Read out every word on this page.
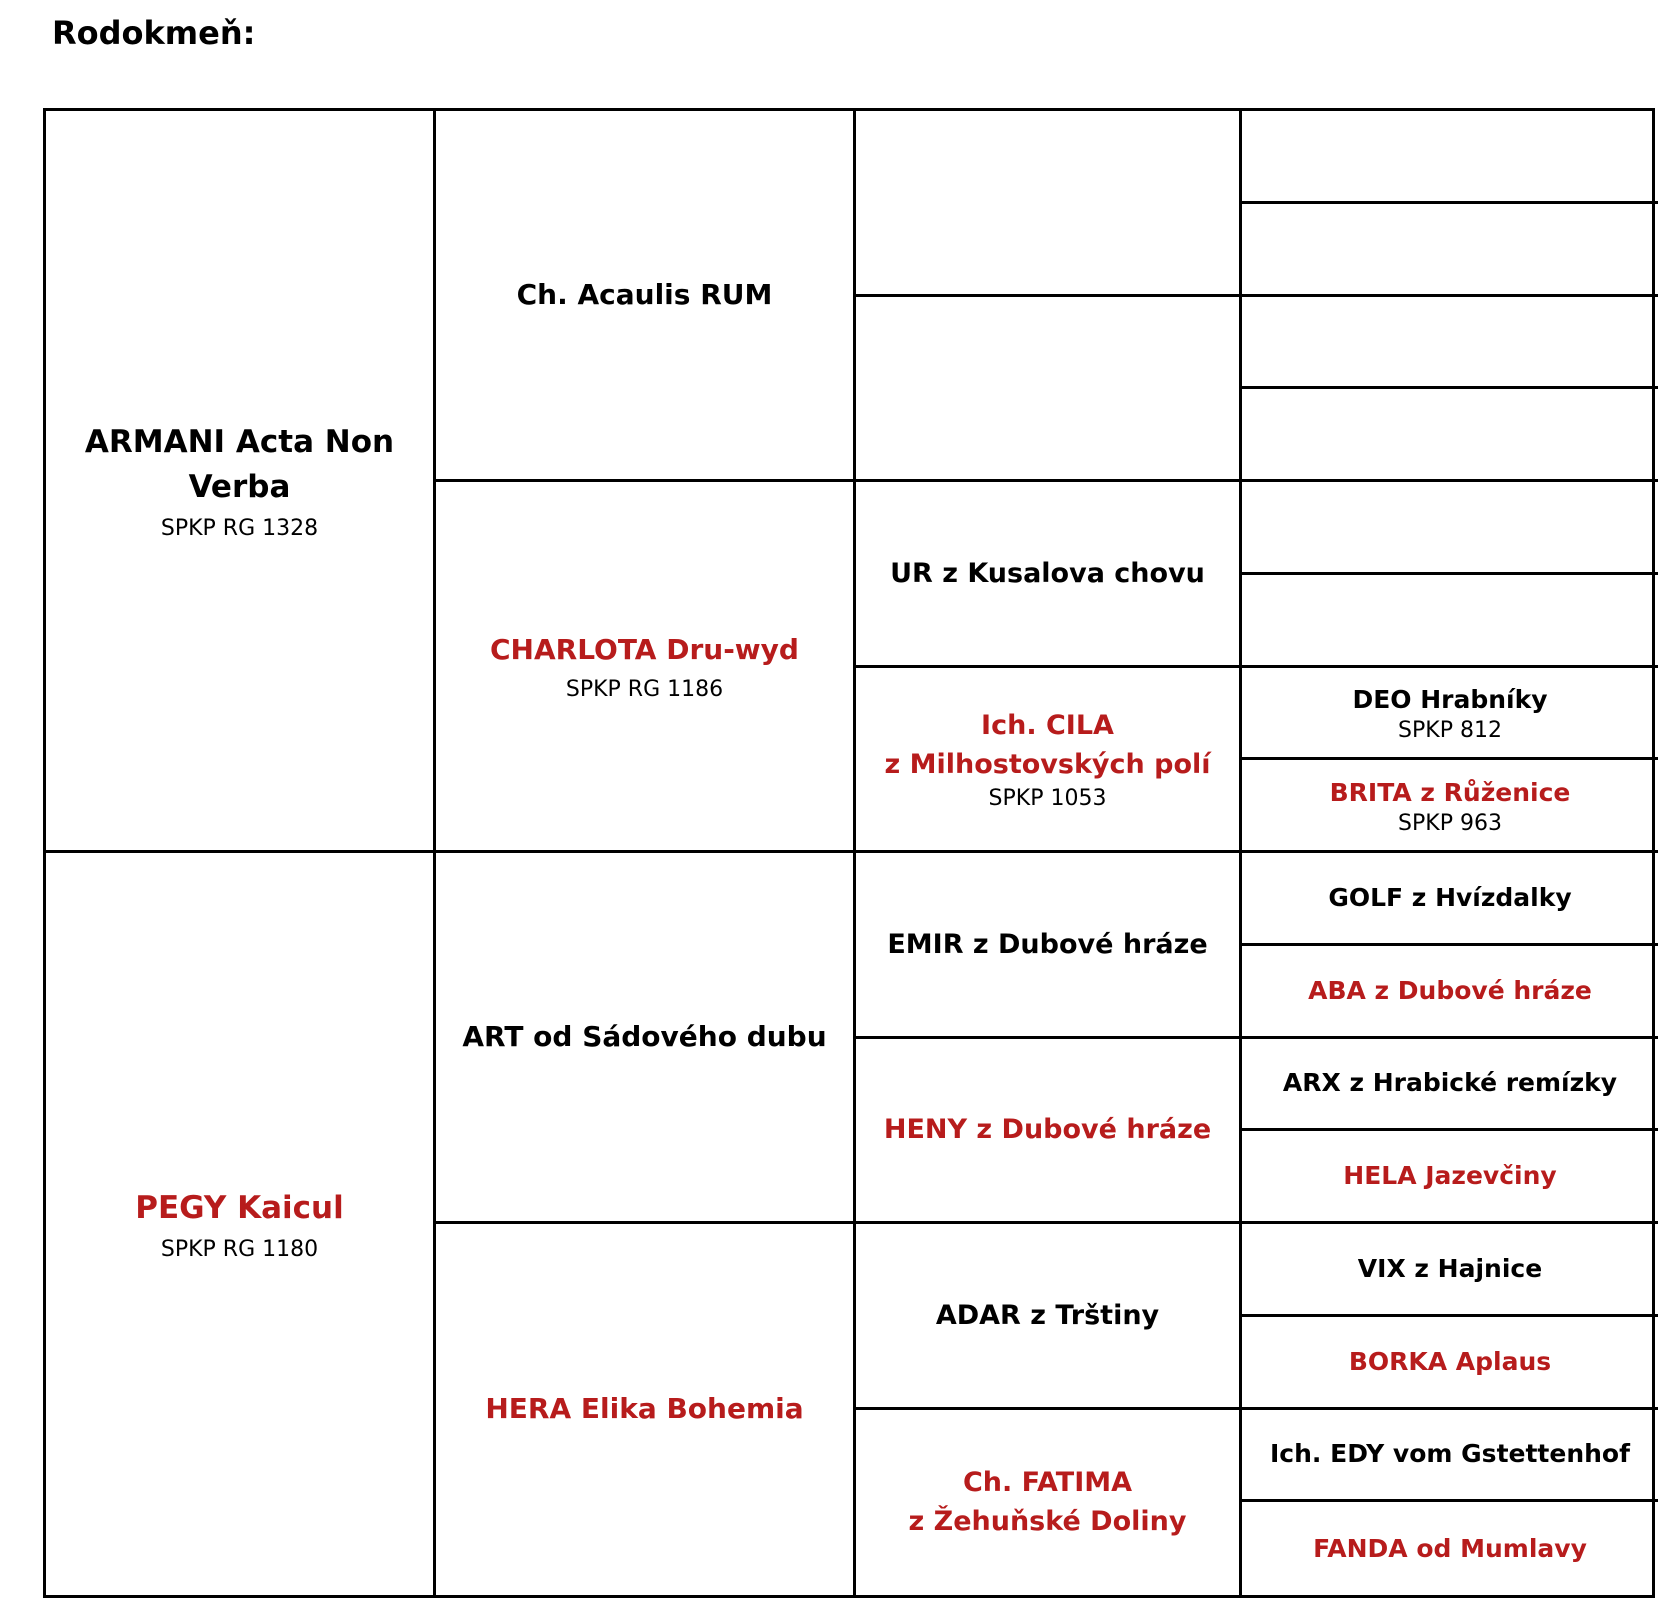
Rodokmeň:
ARMANI Acta Non Verba
SPKP RG 1328
PEGY Kaicul
SPKP RG 1180
Ch. Acaulis RUM
CHARLOTA Dru-wyd
SPKP RG 1186
ART od Sádového dubu
HERA Elika Bohemia
UR z Kusalova chovu
Ich. CILA
z Milhostovských polí
SPKP 1053
EMIR z Dubové hráze
HENY z Dubové hráze
ADAR z Trštiny
Ch. FATIMA
z Žehuňské Doliny
DEO Hrabníky
SPKP 812
BRITA z Růženice
SPKP 963
GOLF z Hvízdalky
ABA z Dubové hráze
ARX z Hrabické remízky
HELA Jazevčiny
VIX z Hajnice
BORKA Aplaus
Ich. EDY vom Gstettenhof
FANDA od Mumlavy
